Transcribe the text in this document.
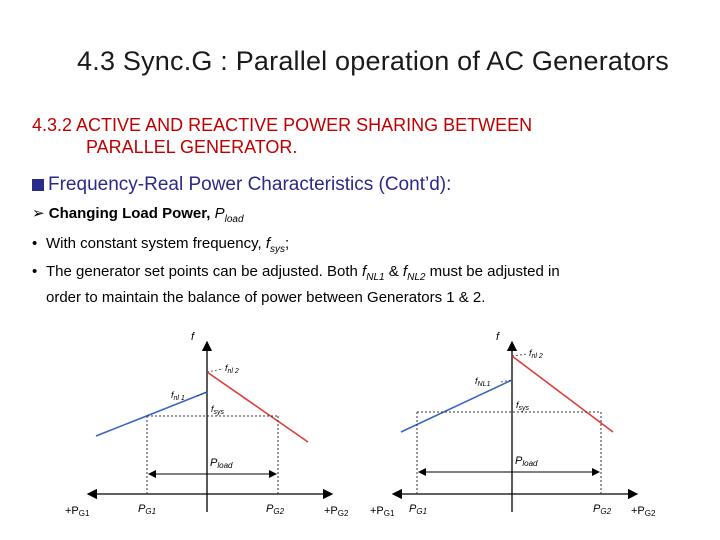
4.3 Sync.G : Parallel operation of AC Generators
4.3.2 ACTIVE AND REACTIVE POWER SHARING BETWEEN
PARALLEL GENERATOR.
Frequency-Real Power Characteristics (Cont’d):
➢ Changing Load Power, $P_{load}$
• With constant system frequency, $f_{sys}$;
• The generator set points can be adjusted. Both $f_{NL1}$ & $f_{NL2}$ must be adjusted in
order to maintain the balance of power between Generators 1 & 2.
f
$f_{nl 2}$
$f_{nl 1}$
$f_{sys}$
Pload
+PG1	PG1	PG2	+PG2
f
$f_{nl 2}$
$f_{NL1}$
$f_{sys}$
Pload
+PG1 PG1	PG2 +PG2
